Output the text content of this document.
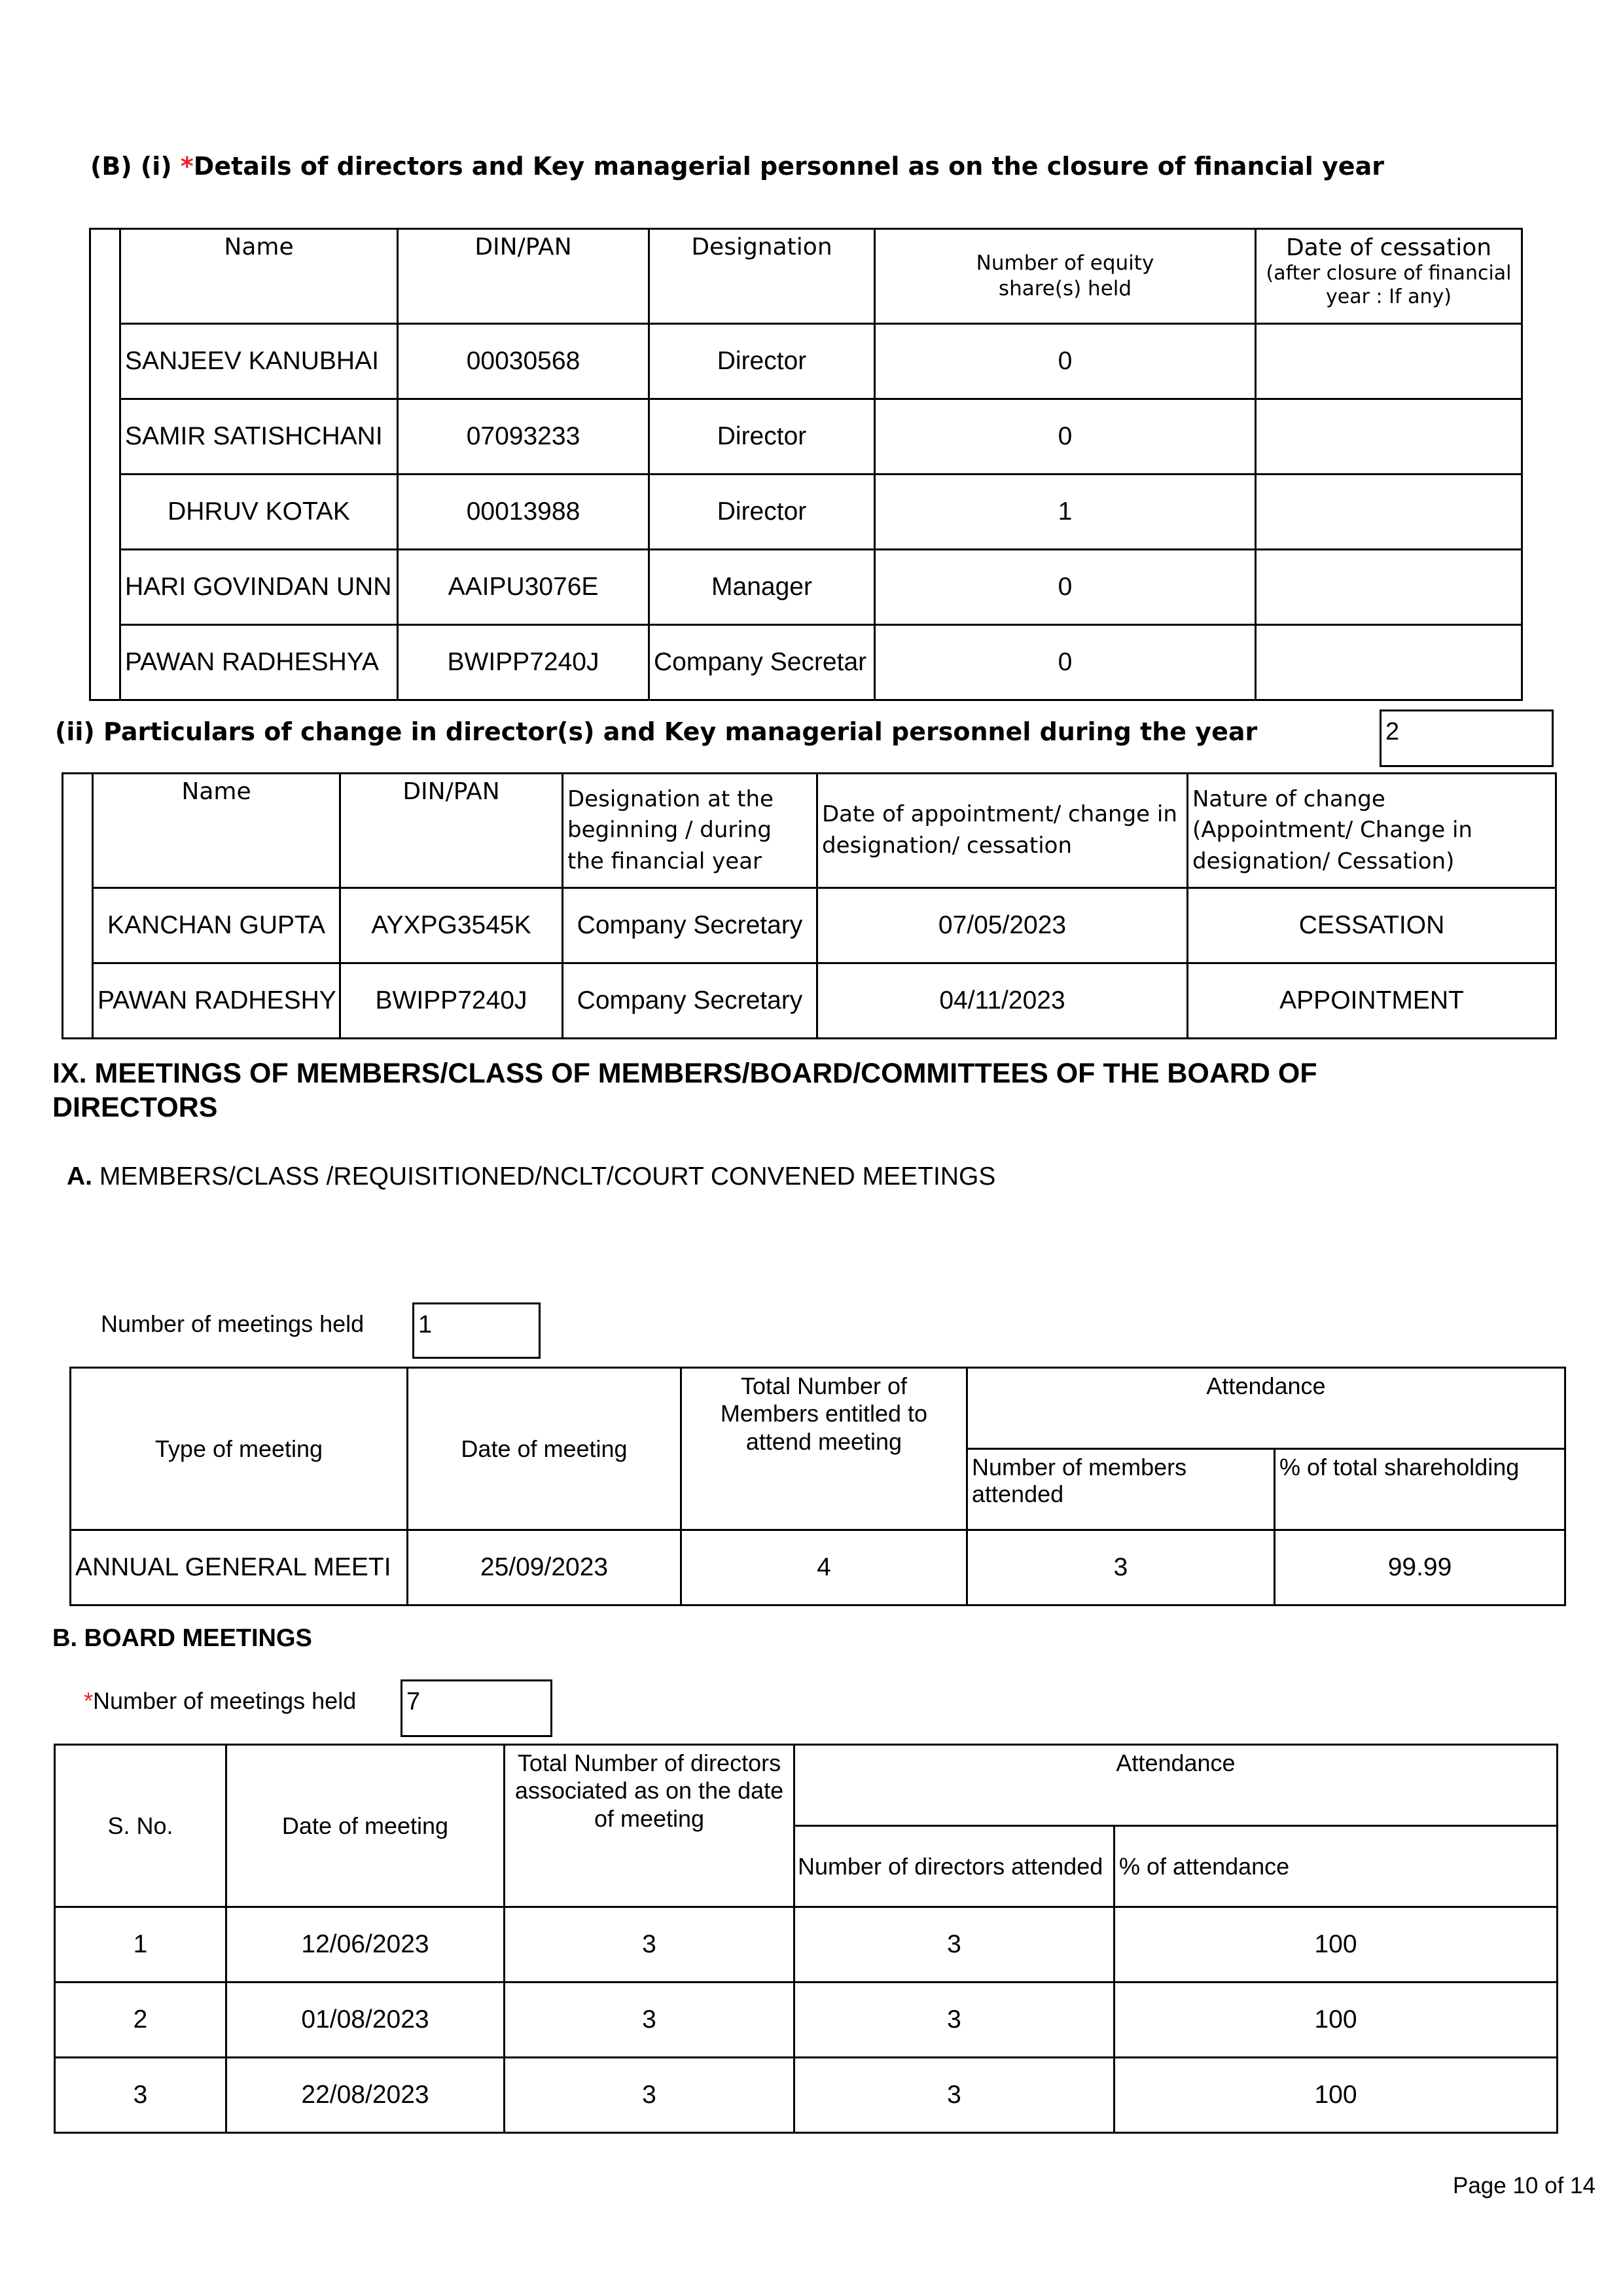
(B) (i) *Details of directors and Key managerial personnel as on the closure of financial year
	Name	DIN/PAN	Designation	Number of equity share(s) held	Date of cessation
(after closure of financial year : If any)

	SANJEEV KANUBHAI	00030568	Director	0	
	SAMIR SATISHCHANI	07093233	Director	0	
	DHRUV KOTAK	00013988	Director	1	
	HARI GOVINDAN UNN	AAIPU3076E	Manager	0	
	PAWAN RADHESHYA	BWIPP7240J	Company Secretar	0	
(ii) Particulars of change in director(s) and Key managerial personnel during the year	2
	Name	DIN/PAN	Designation at the beginning / during the financial year	Date of appointment/ change in designation/ cessation	Nature of change (Appointment/ Change in designation/ Cessation)
	KANCHAN GUPTA	AYXPG3545K	Company Secretary	07/05/2023	CESSATION
	PAWAN RADHESHY	BWIPP7240J	Company Secretary	04/11/2023	APPOINTMENT
IX. MEETINGS OF MEMBERS/CLASS OF MEMBERS/BOARD/COMMITTEES OF THE BOARD OF
DIRECTORS
A. MEMBERS/CLASS /REQUISITIONED/NCLT/COURT CONVENED MEETINGS
Number of meetings held 1
Type of meeting	Date of meeting	Total Number of Members entitled to attend meeting	Attendance	
			Number of members attended	% of total shareholding
ANNUAL GENERAL MEETI	25/09/2023	4	3	99.99
B. BOARD MEETINGS
*Number of meetings held 7
S. No.	Date of meeting	Total Number of directors associated as on the date of meeting	Attendance	
			Number of directors attended	% of attendance
1	12/06/2023	3	3	100
2	01/08/2023	3	3	100
3	22/08/2023	3	3	100
Page 10 of 14
